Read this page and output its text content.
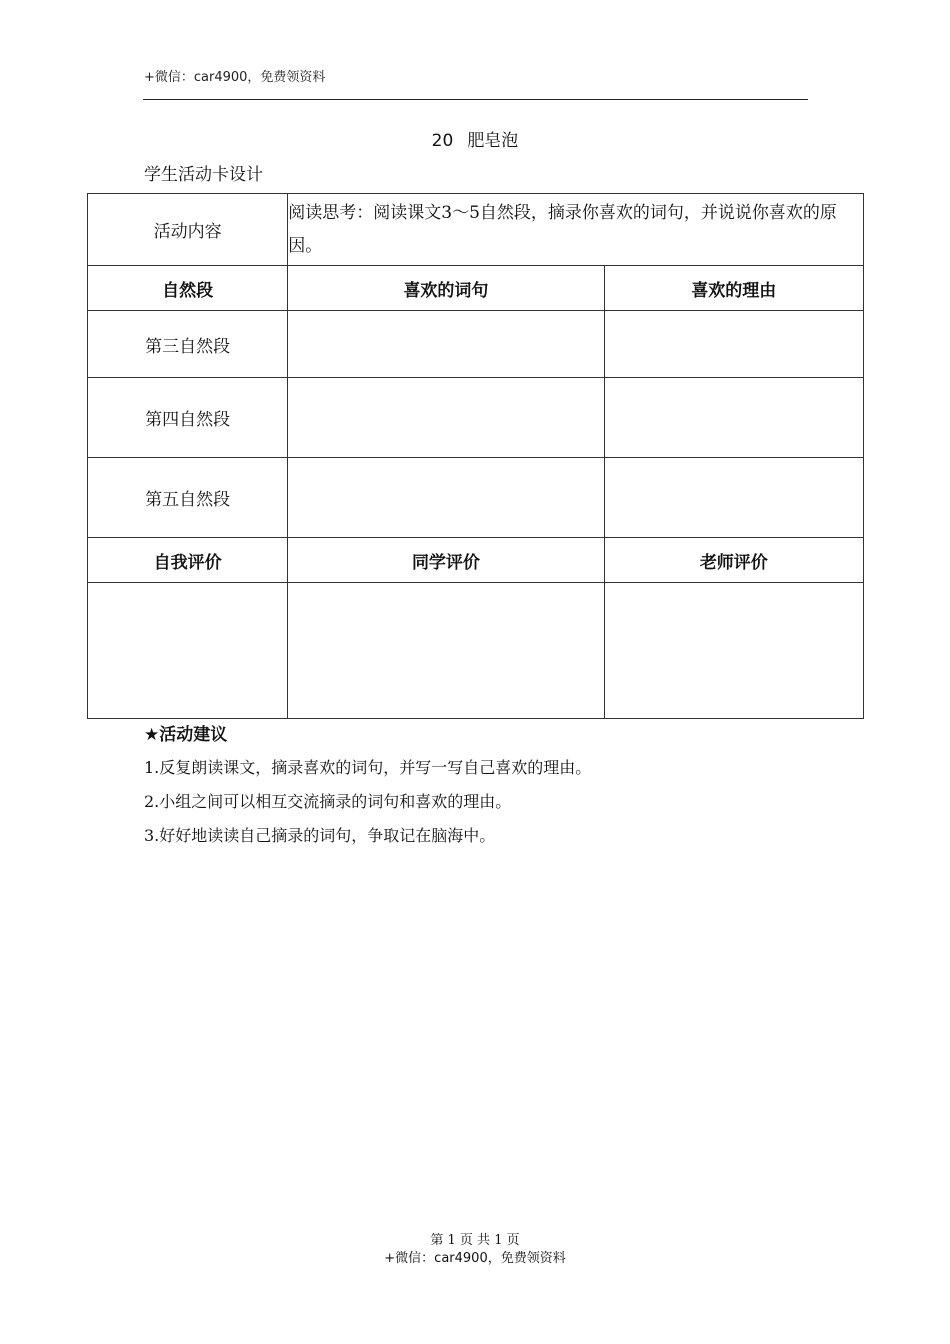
+微信：car4900，免费领资料
20 肥皂泡
学生活动卡设计
活动内容	阅读思考：阅读课文3～5自然段，摘录你喜欢的词句，并说说你喜欢的原因。	
自然段	喜欢的词句	喜欢的理由
第三自然段		
第四自然段		
第五自然段		
自我评价	同学评价	老师评价

★活动建议
1.反复朗读课文，摘录喜欢的词句，并写一写自己喜欢的理由。
2.小组之间可以相互交流摘录的词句和喜欢的理由。
3.好好地读读自己摘录的词句，争取记在脑海中。
第 1 页 共 1 页
+微信：car4900，免费领资料
